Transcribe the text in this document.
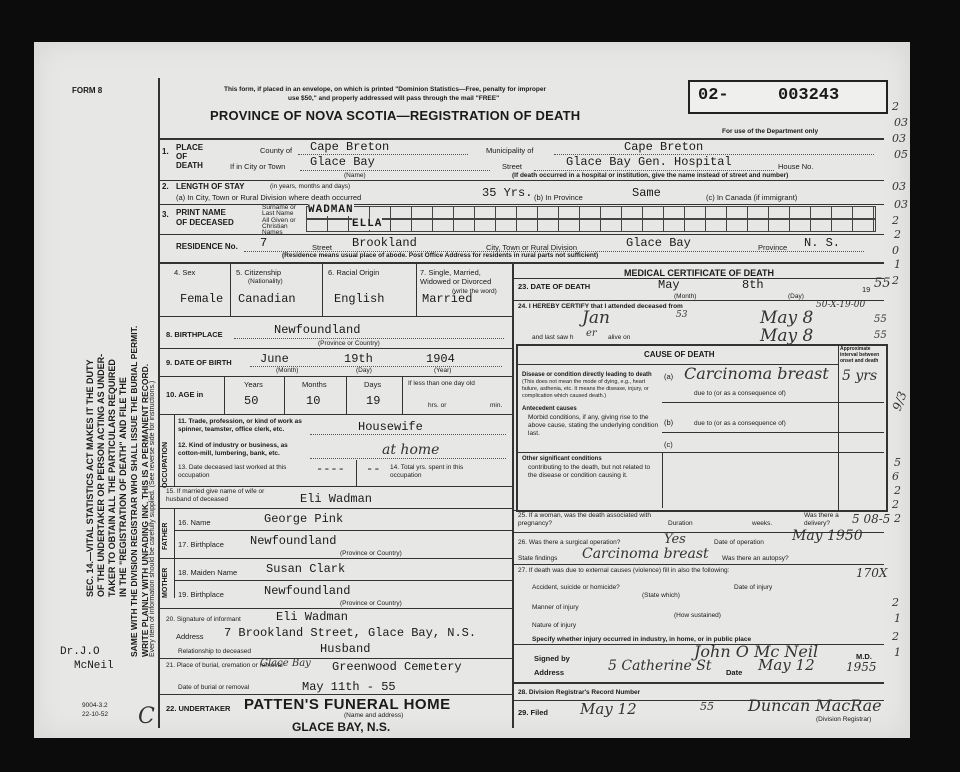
FORM 8
SEC. 14.—VITAL STATISTICS ACT MAKES IT THE DUTY OF THE UNDERTAKER OR PERSON ACTING AS UNDER- TAKER TO OBTAIN ALL THE PARTICULARS REQUIRED IN THE "REGISTRATION OF DEATH" AND FILE THE SAME WITH THE DIVISION REGISTRAR WHO SHALL ISSUE THE BURIAL PERMIT. WRITE PLAINLY WITH UNFADING INK. THIS IS A PERMANENT RECORD. Every item of information should be carefully supplied. (See reverse side for instructions.)
Dr.J.O
McNeil
9004-3.2
22-10-52 C
This form, if placed in an envelope, on which is printed "Dominion Statistics—Free, penalty for improper
use $50," and properly addressed will pass through the mail "FREE"
PROVINCE OF NOVA SCOTIA—REGISTRATION OF DEATH
02-	003243
For use of the Department only
1. PLACE
OF
DEATH
County of Cape Breton	Municipality of	Cape Breton
If in City or Town Glace Bay
(Name)
Street	Glace Bay Gen. Hospital	House No.
(If death occurred in a hospital or institution, give the name instead of street and number)
2. LENGTH OF STAY	(in years, months and days)
(a) In City, Town or Rural Division where death occurred	35 Yrs. (b) In Province	Same	(c) In Canada (if immigrant)
3. PRINT NAME
OF DECEASED
Surname or Last Name
All Given or Christian Names
WADMAN
ELLA
RESIDENCE No. 7	Street Brookland	City, Town or Rural Division	Glace Bay	Province N. S.
(Residence means usual place of abode. Post Office Address for residents in rural parts not sufficient)
4. Sex
Female
5. Citizenship
(Nationality)
Canadian
6. Racial Origin
English
7. Single, Married, Widowed or Divorced
(write the word)
Married
8. BIRTHPLACE	Newfoundland
(Province or Country)
9. DATE OF BIRTH June	19th	1904
(Month)	(Day)	(Year)
10. AGE in
Years	Months	Days
50	10	19
If less than one day old
hrs. or	min.
OCCUPATION
11. Trade, profession, or kind of work as spinner, teamster, office clerk, etc.	Housewife
12. Kind of industry or business, as cotton-mill, lumbering, bank, etc.	at home
13. Date deceased last worked at this occupation	----	14. Total yrs. spent in this occupation
--
15. If married give name of wife or husband of deceased	Eli Wadman
FATHER
16. Name	George Pink
17. Birthplace Newfoundland
(Province or Country)
MOTHER 18. Maiden Name Susan Clark
19. Birthplace	Newfoundland
(Province or Country)
20. Signature of informant	Eli Wadman
Address 7 Brookland Street, Glace Bay, N.S.
Relationship to deceased	Husband
21. Place of burial, cremation or removal
Glace Bay Greenwood Cemetery
Date of burial or removal	May 11th - 55
22. UNDERTAKER PATTEN'S FUNERAL HOME
(Name and address)
GLACE BAY, N.S.
MEDICAL CERTIFICATE OF DEATH
23. DATE OF DEATH	May	8th	19 55
(Month)	(Day)
24. I HEREBY CERTIFY that I attended deceased from
Jan	53	May 8	55
and last saw h er alive on	May 8	55
CAUSE OF DEATH
Approximate interval between onset and death
Disease or condition directly leading to death
(This does not mean the mode of dying, e.g., heart failure, asthenia, etc. It means the disease, injury, or complication which caused death.)
(a) Carcinoma breast 5 yrs
due to (or as a consequence of)
Antecedent causes
Morbid conditions, if any, giving rise to the above cause, stating the underlying condition last.
(b)	due to (or as a consequence of)
(c)
Other significant conditions
contributing to the death, but not related to the disease or condition causing it.
25. If a woman, was the death associated with pregnancy?	Duration	weeks.
Was there a delivery?
26. Was there a surgical operation?	Yes	Date of operation May 1950
State findings Carcinoma breast Was there an autopsy?
27. If death was due to external causes (violence) fill in also the following:
Accident, suicide or homicide?
(State which)
Date of injury
Manner of injury
(How sustained)
Nature of injury
Specify whether injury occurred in industry, in home, or in public place
Signed by	John O Mc Neil	M.D.
Address	5 Catherine St Date May 12	1955
28. Division Registrar's Record Number
29. Filed May 12	55 Duncan MacRae
(Division Registrar)
50-X-19-00
9/3
5 08-5
170X
2
03
03
05
03
03
2
2
0
1
2
5
6
2
2
2
2
1
2
1
